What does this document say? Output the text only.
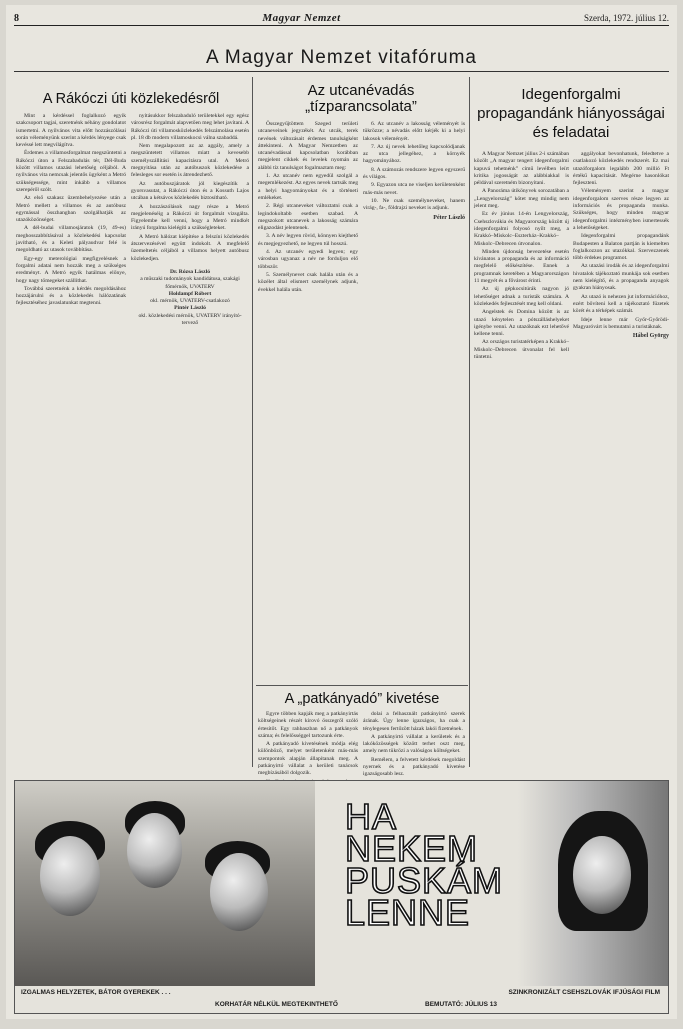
8	Magyar Nemzet	Szerda, 1972. július 12.
A Magyar Nemzet vitafóruma
A Rákóczi úti közlekedésről

Mint a kérdéssel foglalkozó egyik szakcsoport tagjai, szeretnénk néhány gondolatot ismertetni. A nyilvános vita előtt hozzászólásai során véleményünk szerint a kérdés lényege csak kevéssé lett megvilágítva.

Érdemes a villamosforgalmat megszüntetni a Rákóczi úton a Felszabadulás tér, Dél-Buda között villamos utazási lehetőség céljából. A nyilvános vita nemcsak jelentős ügyként a Metró szükségessége, mint inkább a villamos szerepéről szólt.

Az első szakasz üzembehelyezése után a Metró mellett a villamos és az autóbusz egymással összhangban szolgálhatják az utazóközönséget.

A dél-budai villamosjáratok (19, 49-es) meghosszabbításával a közlekedési kapcsolat javítható, és a Keleti pályaudvar felé is megoldható az utasok továbbítása.

Egy-egy meterológiai megfigyelésnek a forgalmi adatai nem hozzák meg a szükséges eredményt. A Metró egyik hatálmas előnye, hogy nagy tömegeket szállíthat.

Továbbá szeretnénk a kérdés megoldásához hozzájárulni és a közlekedés hálózatának fejlesztéséhez javaslatunkat megtenni.

nyitásukkor felszabaduló területekkel egy egész városrész forgalmát alapvetően meg lehet javítani. A Rákóczi úti villamosközlekedés felszámolása esetén pl. 18 db modern villamoskocsi válna szabaddá.

Nem megalapozott az az aggály, amely a megszüntetett villamos miatt a kevesebb személyszállítási kapacitásra utal. A Metró megnyitása után az autóbuszok közlekedése a felesleges sor esetén is átrendezhető.

Az autóbuszjáratok jól kiegészítik a gyorsvasutat, a Rákóczi úton és a Kossuth Lajos utcában a kétsávos közlekedés biztosítható.

A hozzászólások nagy része a Metró megjelenéséig a Rákóczi út forgalmát vizsgálta. Figyelembe kell venni, hogy a Metró mindkét irányú forgalma kielégíti a szükségleteket.

A Metró hálózat kiépítése a felszíni közlekedés átszervezésével együtt indokolt. A megfelelő üzemeltetés céljából a villamos helyett autóbusz közlekedjen.

Dr. Rózsa László
a műszaki tudományok kandidátusa, szakági főmérnök, UVATERV
Holdampf Róbert
okl. mérnök, UVATERV-csatlakozó
Pintér László
okl. közlekedési mérnök, UVATERV irányító-tervező
Az utcanévadás „tízparancsolata”

Összegyűjtöttem Szeged területi utcaneveinek jegyzékét. Az utcák, terek nevének változásait érdemes tanulságként áttekinteni. A Magyar Nemzetben az utcanévadással kapcsolatban korábban megjelent cikkek és levelek nyomán az alábbi tíz tanulságot fogalmaztam meg:

1. Az utcanév nem egyedül szolgál a megemlékezést. Az egyes nevek tartsák meg a helyi hagyományokat és a történeti emlékeket.

2. Régi utcaneveket változtatni csak a legindokoltabb esetben szabad. A megszokott utcanevek a lakosság számára eligazodást jelentenek.

3. A név legyen rövid, könnyen kiejthető és megjegyezhető, ne legyen túl hosszú.

4. Az utcanév egyedi legyen; egy városban ugyanaz a név ne forduljon elő többször.

5. Személynevet csak halála után és a közélet által elismert személynek adjunk, évekkel halála után.

6. Az utcanév a lakosság véleményét is tükrözze; a névadás előtt kérjék ki a helyi lakosok véleményét.

7. Az új nevek lehetőleg kapcsolódjanak az utca jellegéhez, a környék hagyományához.

8. A számozás rendszere legyen egyszerű és világos.

9. Egyazon utca ne viseljen kerületenként más-más nevet.

10. Ne csak személyneveket, hanem virág-, fa-, földrajzi neveket is adjunk.

Péter László
A „patkányadó” kivetése

Egyre többen kapják meg a patkányirtás költségeinek részét kirovó összegről szóló értesítőt. Egy rahbaszban nő a patkányok száma; és felelősséggel tartozunk érte.

A patkányadó kivetésének módja elég különböző, melyet területenként más-más szempontok alapján állapítanak meg. A patkányirtó vállalat a kerületi tanácsok megbízásából dolgozik.

dolai a felhasznált patkányirtó szerek árának. Úgy lenne igazságos, ha csak a ténylegesen fertőzött házak lakói fizetnének.

A patkányirtó vállalat a kerületek és a lakóközösségek között terhet oszt meg, amely nem tükrözi a valóságos költségeket.

Remélem, a felvetett kérdések megoldást nyernek és a patkányadó kivetése igazságosabb lesz.

Idegenforgalmi propagandánk hiányosságai és feladatai

A Magyar Nemzet július 2-i számában közölt „A magyar tengert idegenforgalmi kapuvá tehetnénk” című levélben leírt kritika jogosságát az alábbiakkal is példával szeretném bizonyítani.

A Panoráma útikönyvek sorozatában a „Lengyelország” kötet meg mindig nem jelent meg.

Ez év június 14-én Lengyelország, Csehszlovákia és Magyarország között új idegenforgalmi folyosó nyílt meg, a Krakkó–Miskolc–Eszterház–Krakkó–Miskolc–Debrecen útvonalon.

Minden újdonság bevezetése esetén kívánatos a propaganda és az információ megfelelő előkészítése. Ennek a programnak keretében a Magyarországon 11 megyét és a fővárost érinti.

Az új gépkocsitúrák nagyon jó lehetőséget adnak a turisták számára. A közlekedés fejlesztését meg kell oldani.

Angelstek és Domina között is az utazó kénytelen a pótszálláshelyeket igénybe venni. Az utazóknak ezt lehetővé kellene tenni.

Az országos turistatérképen a Krakkó–Miskolc–Debrecen útvonalat fel kell tüntetni.

aggályokat bevonhatunk, feledtetve a csatlakozó közlekedés rendszerét. Ez mai utazóforgalom legalább 200 millió Ft értékű kapacitását. Megérne hasonlókat fejleszteni.

Véleményem szerint a magyar idegenforgalom szerves része legyen az információs és propaganda munka. Szükséges, hogy minden magyar idegenforgalmi intézményben ismertessék a lehetőségeket.

Idegenforgalmi propagandánk Budapesten a Balaton partján is kiemelten foglalkozzon az utazókkal. Szervezzenek több érdekes programot.

Az utazási irodák és az idegenforgalmi hivatalok tájékoztató munkája sok esetben nem kielégítő, és a propaganda anyagok gyakran hiányosak.

Az utazó is nehezen jut információhoz, ezért bővíteni kell a tájékoztató füzetek körét és a térképek számát.

Ideje lenne már Győr-Győrödi-Magyaróvárt is bemutatni a turistáknak.

Hábel György
HA
NEKEM
PUSKÁM
LENNE
IZGALMAS HELYZETEK, BÁTOR GYEREKEK . . .	SZINKRONIZÁLT CSEHSZLOVÁK IFJÚSÁGI FILM
KORHATÁR NÉLKÜL MEGTEKINTHETŐ	BEMUTATÓ: JÚLIUS 13
